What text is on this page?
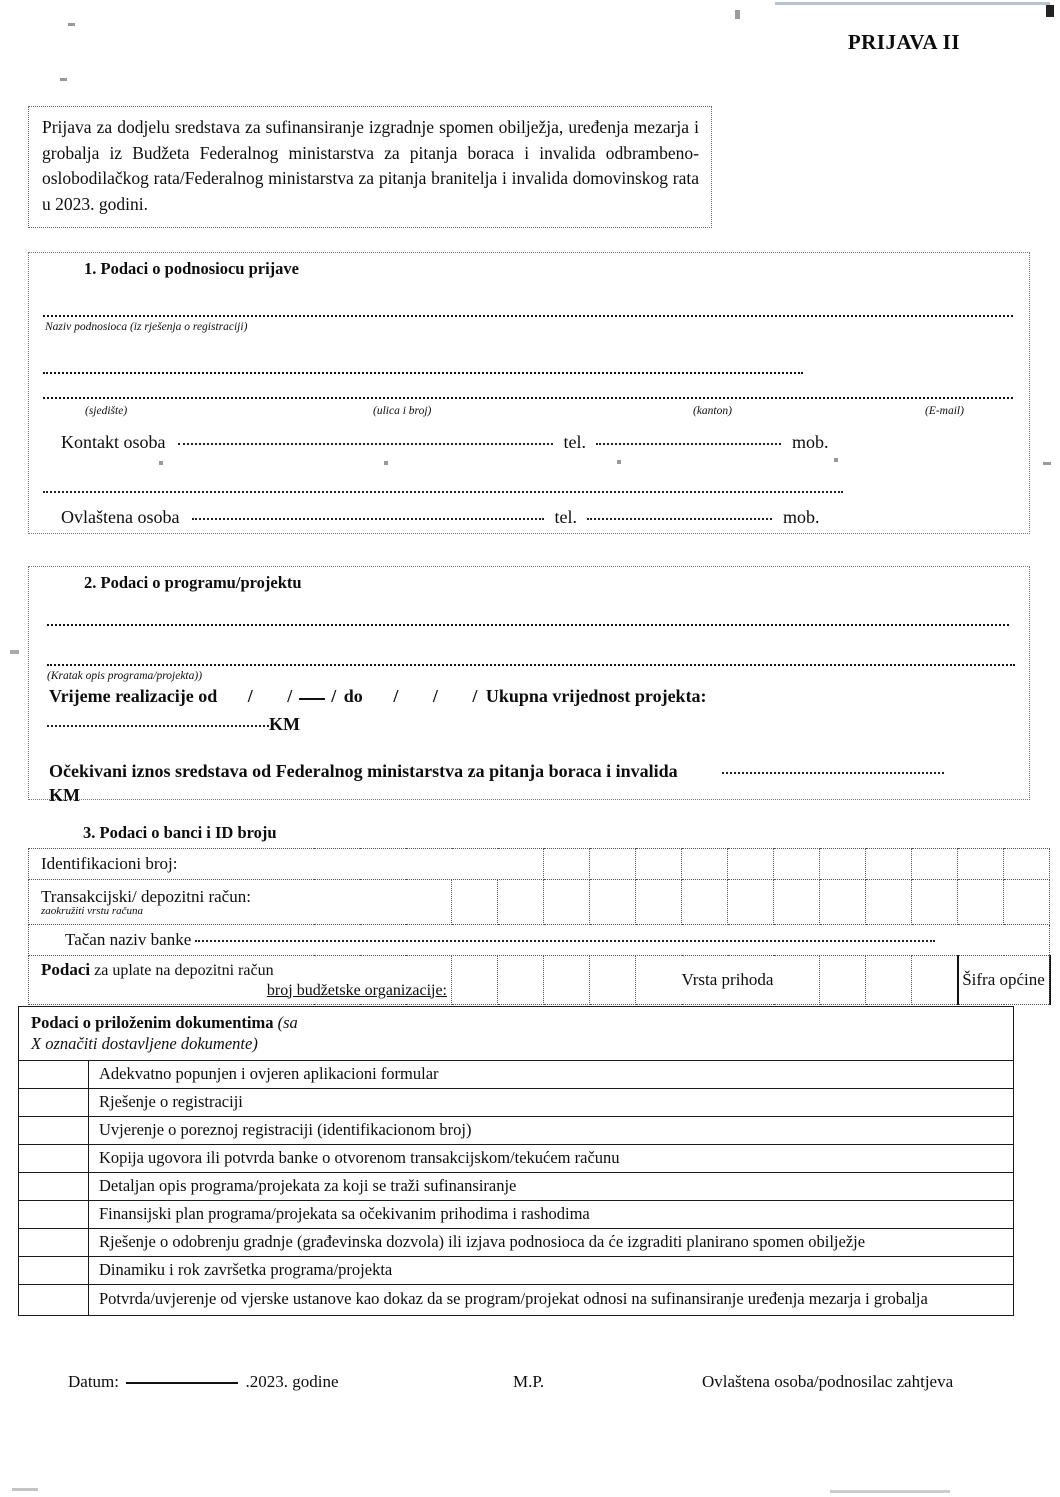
PRIJAVA II

Prijava za dodjelu sredstava za sufinansiranje izgradnje spomen obilježja, uređenja mezarja i grobalja iz Budžeta Federalnog ministarstva za pitanja boraca i invalida odbrambeno-oslobodilačkog rata/Federalnog ministarstva za pitanja branitelja i invalida domovinskog rata u 2023. godini.

1. Podaci o podnosiocu prijave
Naziv podnosioca (iz rješenja o registraciji)
(sjedište)	(ulica i broj)	(kanton)	(E-mail)
Kontakt osoba	tel.	mob.
Ovlaštena osoba	tel.	mob.
2. Podaci o programu/projektu
(Kratak opis programa/projekta))
Vrijeme realizacije od / / / do / / / Ukupna vrijednost projekta:
KM
Očekivani iznos sredstava od Federalnog ministarstva za pitanja boraca i invalida
KM
3. Podaci o banci i ID broju
Identifikacioni broj:														
Transakcijski/ depozitni račun:
zaokružiti vrstu računa														

Tačan naziv banke														
Podaci za uplate na depozitni račun
broj budžetske organizacije:					Vrsta prihoda							Šifra općine		
Podaci o priloženim dokumentima (sa
X označiti dostavljene dokumente)	
	Adekvatno popunjen i ovjeren aplikacioni formular
	Rješenje o registraciji
	Uvjerenje o poreznoj registraciji (identifikacionom broj)
	Kopija ugovora ili potvrda banke o otvorenom transakcijskom/tekućem računu
	Detaljan opis programa/projekata za koji se traži sufinansiranje
	Finansijski plan programa/projekata sa očekivanim prihodima i rashodima
	Rješenje o odobrenju gradnje (građevinska dozvola) ili izjava podnosioca da će izgraditi planirano spomen obilježje
	Dinamiku i rok završetka programa/projekta
	Potvrda/uvjerenje od vjerske ustanove kao dokaz da se program/projekat odnosi na sufinansiranje uređenja mezarja i grobalja
Datum:	.2023. godine	M.P.	Ovlaštena osoba/podnosilac zahtjeva
